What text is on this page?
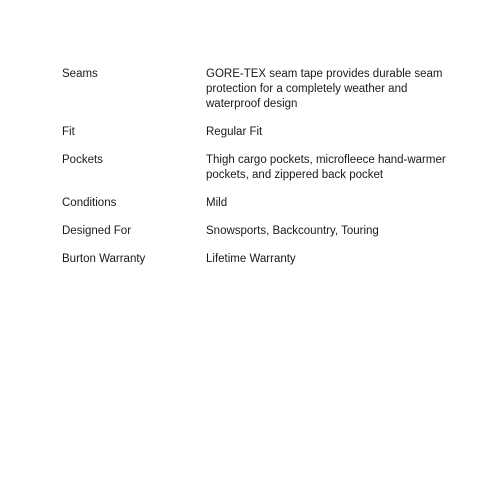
Seams	GORE-TEX seam tape provides durable seam protection for a completely weather and waterproof design
Fit	Regular Fit
Pockets	Thigh cargo pockets, microfleece hand-warmer pockets, and zippered back pocket
Conditions	Mild
Designed For	Snowsports, Backcountry, Touring
Burton Warranty	Lifetime Warranty
